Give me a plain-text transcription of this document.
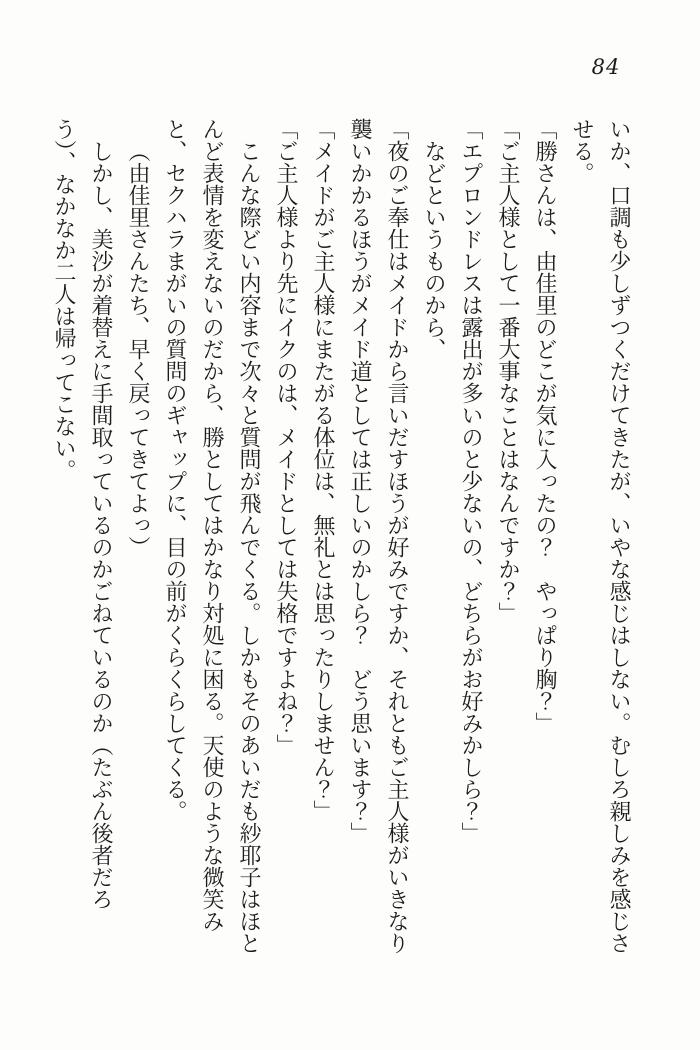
84

いか、口調も少しずつくだけてきたが、いやな感じはしない。むしろ親しみを感じさせる。

「勝さんは、由佳里のどこが気に入ったの？　やっぱり胸？」

「ご主人様として一番大事なことはなんですか？」

「エプロンドレスは露出が多いのと少ないの、どちらがお好みかしら？」

などというものから、

「夜のご奉仕はメイドから言いだすほうが好みですか、それともご主人様がいきなり襲いかかるほうがメイド道としては正しいのかしら？　どう思います？」

「メイドがご主人様にまたがる体位は、無礼とは思ったりしません？」

「ご主人様より先にイクのは、メイドとしては失格ですよね？」

こんな際どい内容まで次々と質問が飛んでくる。しかもそのあいだも紗耶子はほとんど表情を変えないのだから、勝としてはかなり対処に困る。天使のような微笑みと、セクハラまがいの質問のギャップに、目の前がくらくらしてくる。

（由佳里さんたち、早く戻ってきてよっ）

しかし、美沙が着替えに手間取っているのかごねているのか（たぶん後者だろう）、なかなか二人は帰ってこない。
